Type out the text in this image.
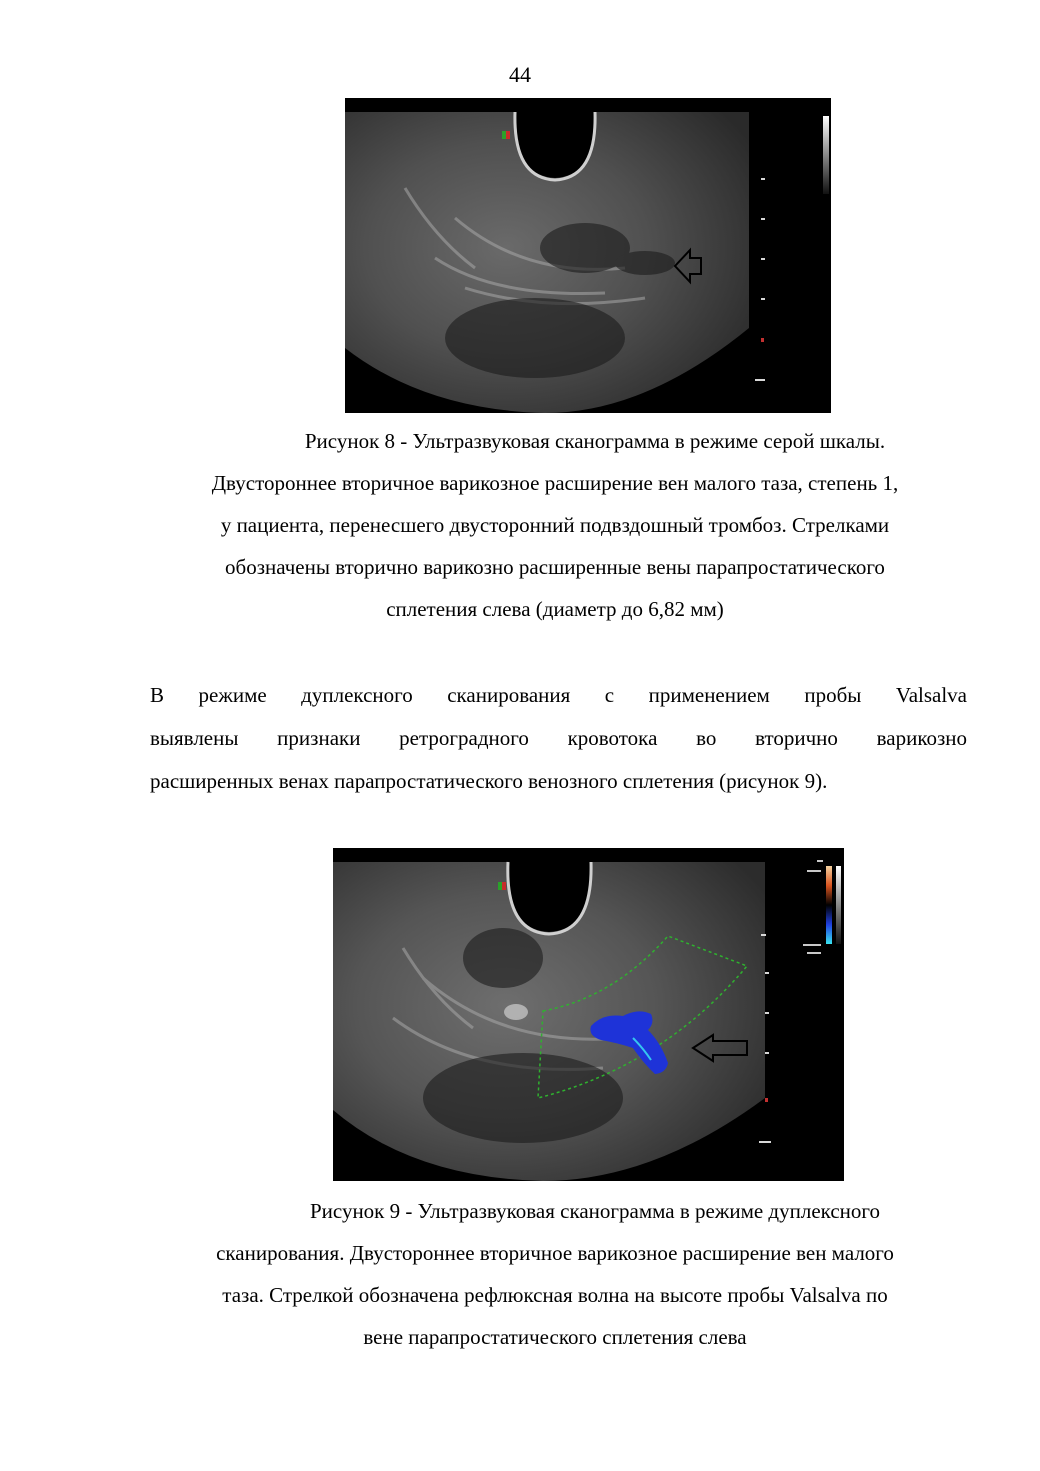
44
Рисунок 8 - Ультразвуковая сканограмма в режиме серой шкалы.
Двустороннее вторичное варикозное расширение вен малого таза, степень 1,
у пациента, перенесшего двусторонний подвздошный тромбоз. Стрелками
обозначены вторично варикозно расширенные вены парапростатического
сплетения слева (диаметр до 6,82 мм)
В режиме дуплексного сканирования с применением пробы Valsalva
выявлены признаки ретроградного кровотока во вторично варикозно
расширенных венах парапростатического венозного сплетения (рисунок 9).
Рисунок 9 - Ультразвуковая сканограмма в режиме дуплексного
сканирования. Двустороннее вторичное варикозное расширение вен малого
таза. Стрелкой обозначена рефлюксная волна на высоте пробы Valsalva по
вене парапростатического сплетения слева
